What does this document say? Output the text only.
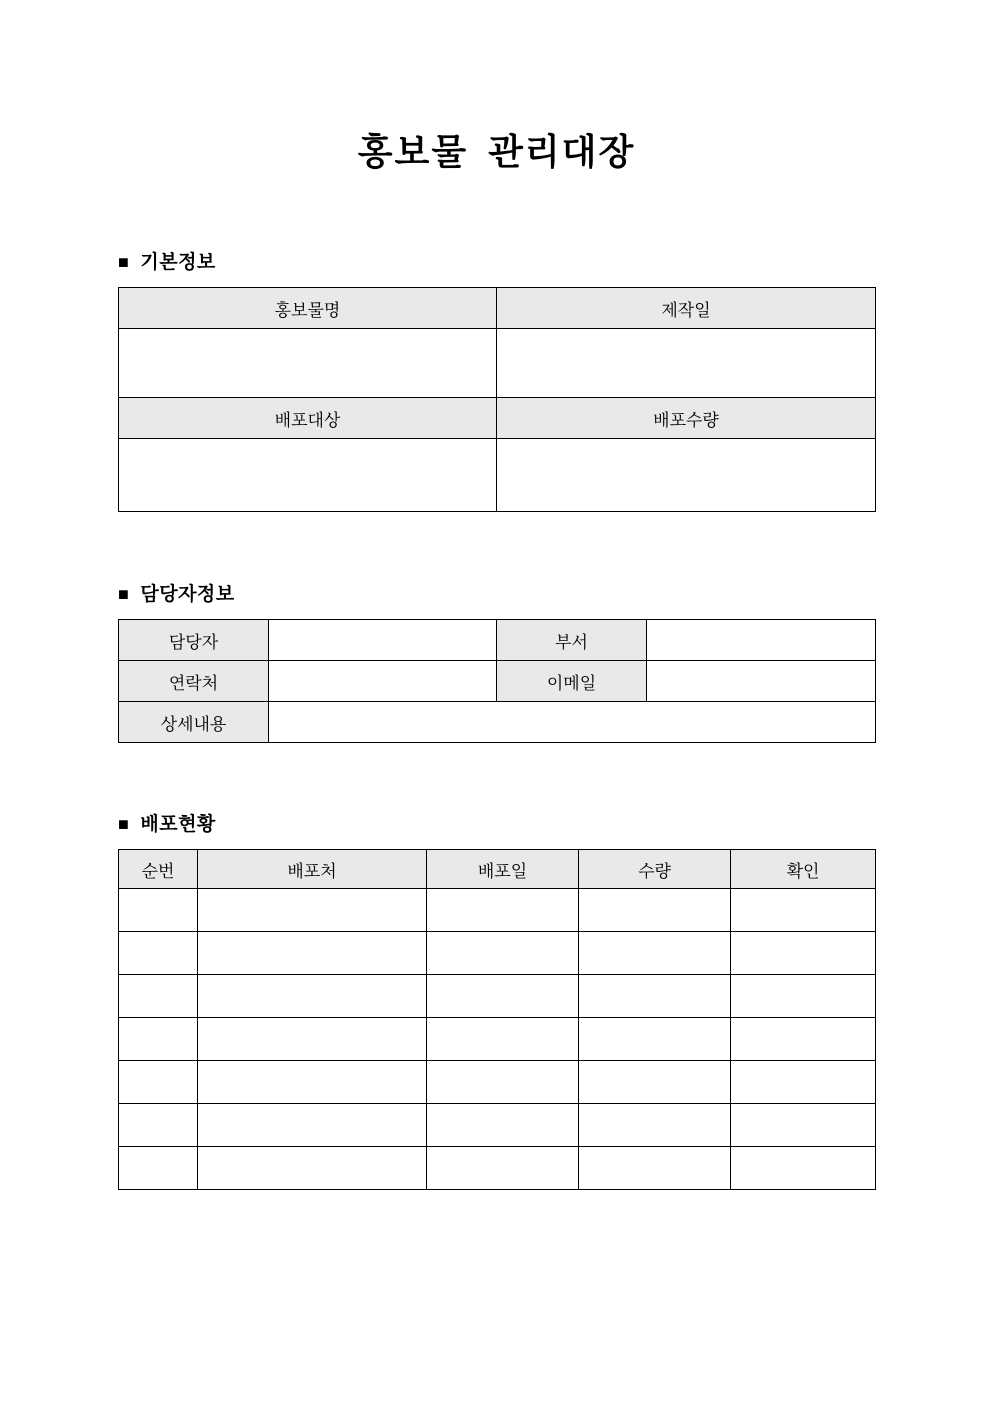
홍보물 관리대장
■ 기본정보
홍보물명	제작일

배포대상	배포수량

■ 담당자정보
담당자		부서	
연락처		이메일	
상세내용			
■ 배포현황
순번	배포처	배포일	수량	확인
